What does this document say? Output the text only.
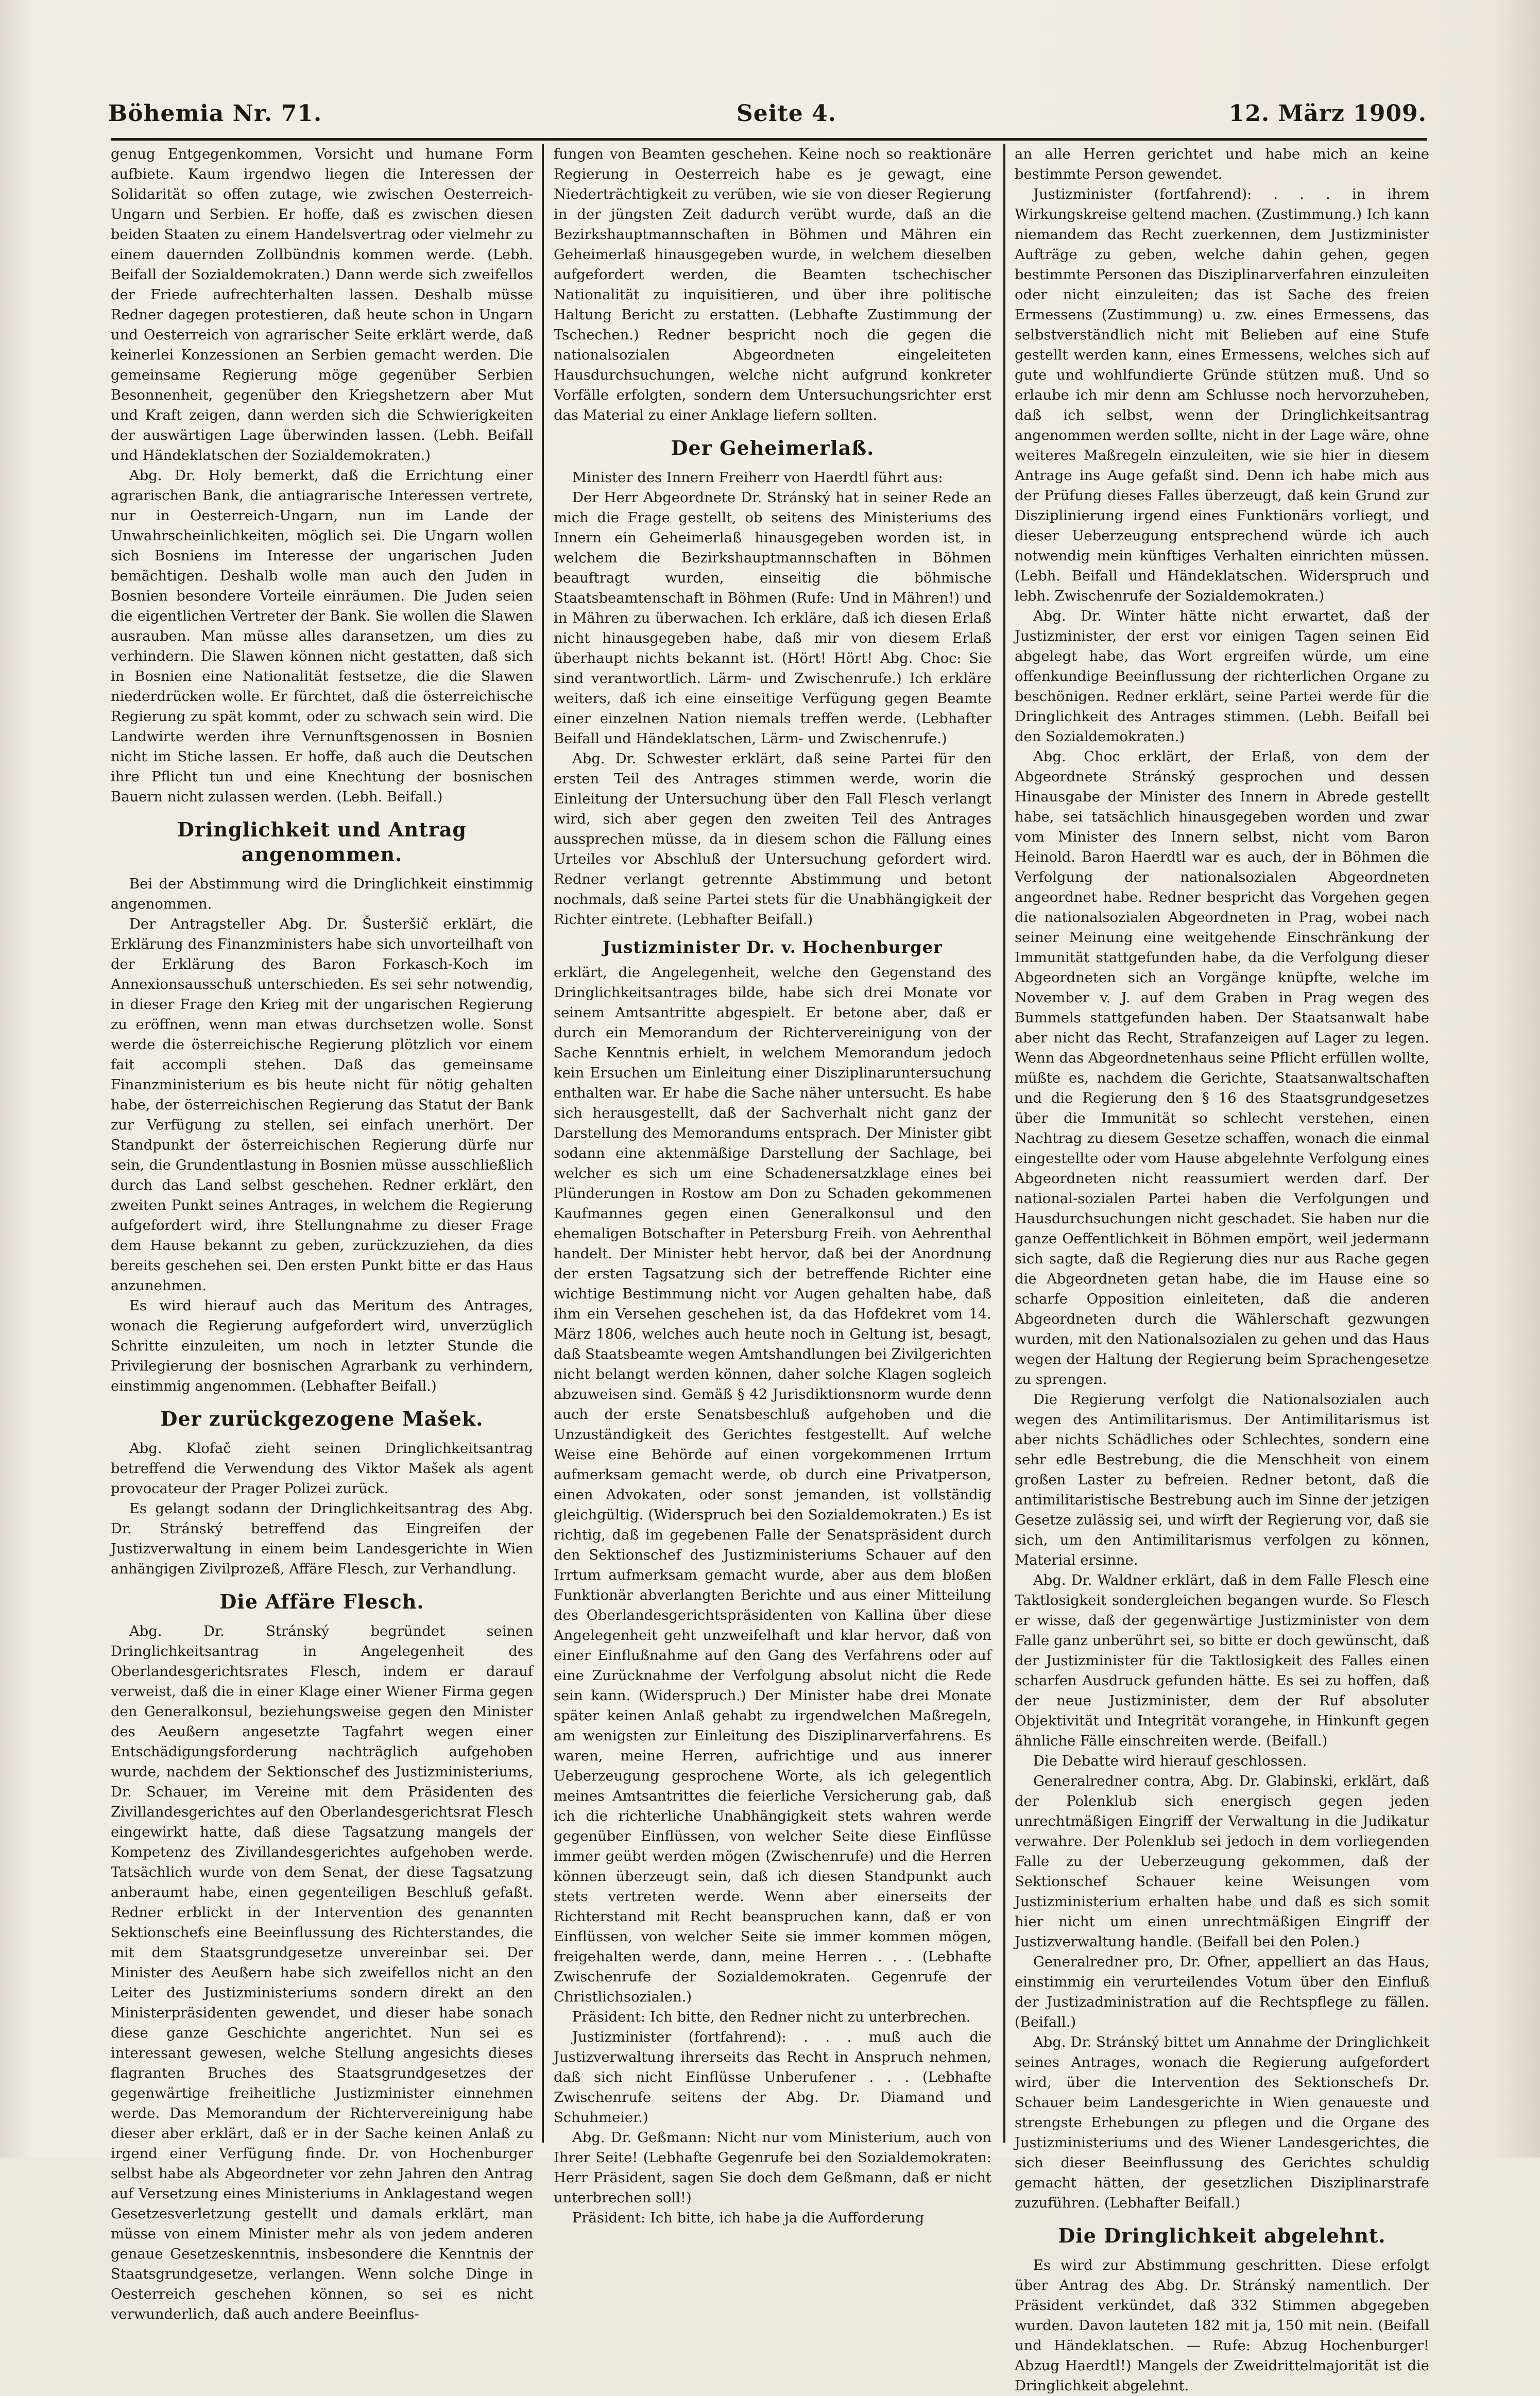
Böhemia Nr. 71.	Seite 4.	12. März 1909.

genug Entgegenkommen, Vorsicht und humane Form aufbiete. Kaum irgendwo liegen die Interessen der Solidarität so offen zutage, wie zwischen Oesterreich-Ungarn und Serbien. Er hoffe, daß es zwischen diesen beiden Staaten zu einem Handelsvertrag oder vielmehr zu einem dauernden Zollbündnis kommen werde. (Lebh. Beifall der Sozialdemokraten.) Dann werde sich zweifellos der Friede aufrechterhalten lassen. Deshalb müsse Redner dagegen protestieren, daß heute schon in Ungarn und Oesterreich von agrarischer Seite erklärt werde, daß keinerlei Konzessionen an Serbien gemacht werden. Die gemeinsame Regierung möge gegenüber Serbien Besonnenheit, gegenüber den Kriegshetzern aber Mut und Kraft zeigen, dann werden sich die Schwierigkeiten der auswärtigen Lage überwinden lassen. (Lebh. Beifall und Händeklatschen der Sozialdemokraten.)

Abg. Dr. Holy bemerkt, daß die Errichtung einer agrarischen Bank, die antiagrarische Interessen vertrete, nur in Oesterreich-Ungarn, nun im Lande der Unwahrscheinlichkeiten, möglich sei. Die Ungarn wollen sich Bosniens im Interesse der ungarischen Juden bemächtigen. Deshalb wolle man auch den Juden in Bosnien besondere Vorteile einräumen. Die Juden seien die eigentlichen Vertreter der Bank. Sie wollen die Slawen ausrauben. Man müsse alles daransetzen, um dies zu verhindern. Die Slawen können nicht gestatten, daß sich in Bosnien eine Nationalität festsetze, die die Slawen niederdrücken wolle. Er fürchtet, daß die österreichische Regierung zu spät kommt, oder zu schwach sein wird. Die Landwirte werden ihre Vernunftsgenossen in Bosnien nicht im Stiche lassen. Er hoffe, daß auch die Deutschen ihre Pflicht tun und eine Knechtung der bosnischen Bauern nicht zulassen werden. (Lebh. Beifall.)

Dringlichkeit und Antrag angenommen.

Bei der Abstimmung wird die Dringlichkeit einstimmig angenommen.

Der Antragsteller Abg. Dr. Šusteršič erklärt, die Erklärung des Finanzministers habe sich unvorteilhaft von der Erklärung des Baron Forkasch-Koch im Annexionsausschuß unterschieden. Es sei sehr notwendig, in dieser Frage den Krieg mit der ungarischen Regierung zu eröffnen, wenn man etwas durchsetzen wolle. Sonst werde die österreichische Regierung plötzlich vor einem fait accompli stehen. Daß das gemeinsame Finanzministerium es bis heute nicht für nötig gehalten habe, der österreichischen Regierung das Statut der Bank zur Verfügung zu stellen, sei einfach unerhört. Der Standpunkt der österreichischen Regierung dürfe nur sein, die Grundentlastung in Bosnien müsse ausschließlich durch das Land selbst geschehen. Redner erklärt, den zweiten Punkt seines Antrages, in welchem die Regierung aufgefordert wird, ihre Stellungnahme zu dieser Frage dem Hause bekannt zu geben, zurückzuziehen, da dies bereits geschehen sei. Den ersten Punkt bitte er das Haus anzunehmen.

Es wird hierauf auch das Meritum des Antrages, wonach die Regierung aufgefordert wird, unverzüglich Schritte einzuleiten, um noch in letzter Stunde die Privilegierung der bosnischen Agrarbank zu verhindern, einstimmig angenommen. (Lebhafter Beifall.)

Der zurückgezogene Mašek.

Abg. Klofač zieht seinen Dringlichkeitsantrag betreffend die Verwendung des Viktor Mašek als agent provocateur der Prager Polizei zurück.

Es gelangt sodann der Dringlichkeitsantrag des Abg. Dr. Stránský betreffend das Eingreifen der Justizverwaltung in einem beim Landesgerichte in Wien anhängigen Zivilprozeß, Affäre Flesch, zur Verhandlung.

Die Affäre Flesch.

Abg. Dr. Stránský begründet seinen Dringlichkeitsantrag in Angelegenheit des Oberlandesgerichtsrates Flesch, indem er darauf verweist, daß die in einer Klage einer Wiener Firma gegen den Generalkonsul, beziehungsweise gegen den Minister des Aeußern angesetzte Tagfahrt wegen einer Entschädigungsforderung nachträglich aufgehoben wurde, nachdem der Sektionschef des Justizministeriums, Dr. Schauer, im Vereine mit dem Präsidenten des Zivillandesgerichtes auf den Oberlandesgerichtsrat Flesch eingewirkt hatte, daß diese Tagsatzung mangels der Kompetenz des Zivillandesgerichtes aufgehoben werde. Tatsächlich wurde von dem Senat, der diese Tagsatzung anberaumt habe, einen gegenteiligen Beschluß gefaßt. Redner erblickt in der Intervention des genannten Sektionschefs eine Beeinflussung des Richterstandes, die mit dem Staatsgrundgesetze unvereinbar sei. Der Minister des Aeußern habe sich zweifellos nicht an den Leiter des Justizministeriums sondern direkt an den Ministerpräsidenten gewendet, und dieser habe sonach diese ganze Geschichte angerichtet. Nun sei es interessant gewesen, welche Stellung angesichts dieses flagranten Bruches des Staatsgrundgesetzes der gegenwärtige freiheitliche Justizminister einnehmen werde. Das Memorandum der Richtervereinigung habe dieser aber erklärt, daß er in der Sache keinen Anlaß zu irgend einer Verfügung finde. Dr. von Hochenburger selbst habe als Abgeordneter vor zehn Jahren den Antrag auf Versetzung eines Ministeriums in Anklagestand wegen Gesetzesverletzung gestellt und damals erklärt, man müsse von einem Minister mehr als von jedem anderen genaue Gesetzeskenntnis, insbesondere die Kenntnis der Staatsgrundgesetze, verlangen. Wenn solche Dinge in Oesterreich geschehen können, so sei es nicht verwunderlich, daß auch andere Beeinflus-

fungen von Beamten geschehen. Keine noch so reaktionäre Regierung in Oesterreich habe es je gewagt, eine Niederträchtigkeit zu verüben, wie sie von dieser Regierung in der jüngsten Zeit dadurch verübt wurde, daß an die Bezirkshauptmannschaften in Böhmen und Mähren ein Geheimerlaß hinausgegeben wurde, in welchem dieselben aufgefordert werden, die Beamten tschechischer Nationalität zu inquisitieren, und über ihre politische Haltung Bericht zu erstatten. (Lebhafte Zustimmung der Tschechen.) Redner bespricht noch die gegen die nationalsozialen Abgeordneten eingeleiteten Hausdurchsuchungen, welche nicht aufgrund konkreter Vorfälle erfolgten, sondern dem Untersuchungsrichter erst das Material zu einer Anklage liefern sollten.

Der Geheimerlaß.

Minister des Innern Freiherr von Haerdtl führt aus:

Der Herr Abgeordnete Dr. Stránský hat in seiner Rede an mich die Frage gestellt, ob seitens des Ministeriums des Innern ein Geheimerlaß hinausgegeben worden ist, in welchem die Bezirkshauptmannschaften in Böhmen beauftragt wurden, einseitig die böhmische Staatsbeamtenschaft in Böhmen (Rufe: Und in Mähren!) und in Mähren zu überwachen. Ich erkläre, daß ich diesen Erlaß nicht hinausgegeben habe, daß mir von diesem Erlaß überhaupt nichts bekannt ist. (Hört! Hört! Abg. Choc: Sie sind verantwortlich. Lärm- und Zwischenrufe.) Ich erkläre weiters, daß ich eine einseitige Verfügung gegen Beamte einer einzelnen Nation niemals treffen werde. (Lebhafter Beifall und Händeklatschen, Lärm- und Zwischenrufe.)

Abg. Dr. Schwester erklärt, daß seine Partei für den ersten Teil des Antrages stimmen werde, worin die Einleitung der Untersuchung über den Fall Flesch verlangt wird, sich aber gegen den zweiten Teil des Antrages aussprechen müsse, da in diesem schon die Fällung eines Urteiles vor Abschluß der Untersuchung gefordert wird. Redner verlangt getrennte Abstimmung und betont nochmals, daß seine Partei stets für die Unabhängigkeit der Richter eintrete. (Lebhafter Beifall.)

Justizminister Dr. v. Hochenburger

erklärt, die Angelegenheit, welche den Gegenstand des Dringlichkeitsantrages bilde, habe sich drei Monate vor seinem Amtsantritte abgespielt. Er betone aber, daß er durch ein Memorandum der Richtervereinigung von der Sache Kenntnis erhielt, in welchem Memorandum jedoch kein Ersuchen um Einleitung einer Disziplinaruntersuchung enthalten war. Er habe die Sache näher untersucht. Es habe sich herausgestellt, daß der Sachverhalt nicht ganz der Darstellung des Memorandums entsprach. Der Minister gibt sodann eine aktenmäßige Darstellung der Sachlage, bei welcher es sich um eine Schadenersatzklage eines bei Plünderungen in Rostow am Don zu Schaden gekommenen Kaufmannes gegen einen Generalkonsul und den ehemaligen Botschafter in Petersburg Freih. von Aehrenthal handelt. Der Minister hebt hervor, daß bei der Anordnung der ersten Tagsatzung sich der betreffende Richter eine wichtige Bestimmung nicht vor Augen gehalten habe, daß ihm ein Versehen geschehen ist, da das Hofdekret vom 14. März 1806, welches auch heute noch in Geltung ist, besagt, daß Staatsbeamte wegen Amtshandlungen bei Zivilgerichten nicht belangt werden können, daher solche Klagen sogleich abzuweisen sind. Gemäß § 42 Jurisdiktionsnorm wurde denn auch der erste Senatsbeschluß aufgehoben und die Unzuständigkeit des Gerichtes festgestellt. Auf welche Weise eine Behörde auf einen vorgekommenen Irrtum aufmerksam gemacht werde, ob durch eine Privatperson, einen Advokaten, oder sonst jemanden, ist vollständig gleichgültig. (Widerspruch bei den Sozialdemokraten.) Es ist richtig, daß im gegebenen Falle der Senatspräsident durch den Sektionschef des Justizministeriums Schauer auf den Irrtum aufmerksam gemacht wurde, aber aus dem bloßen Funktionär abverlangten Berichte und aus einer Mitteilung des Oberlandesgerichtspräsidenten von Kallina über diese Angelegenheit geht unzweifelhaft und klar hervor, daß von einer Einflußnahme auf den Gang des Verfahrens oder auf eine Zurücknahme der Verfolgung absolut nicht die Rede sein kann. (Widerspruch.) Der Minister habe drei Monate später keinen Anlaß gehabt zu irgendwelchen Maßregeln, am wenigsten zur Einleitung des Disziplinarverfahrens. Es waren, meine Herren, aufrichtige und aus innerer Ueberzeugung gesprochene Worte, als ich gelegentlich meines Amtsantrittes die feierliche Versicherung gab, daß ich die richterliche Unabhängigkeit stets wahren werde gegenüber Einflüssen, von welcher Seite diese Einflüsse immer geübt werden mögen (Zwischenrufe) und die Herren können überzeugt sein, daß ich diesen Standpunkt auch stets vertreten werde. Wenn aber einerseits der Richterstand mit Recht beanspruchen kann, daß er von Einflüssen, von welcher Seite sie immer kommen mögen, freigehalten werde, dann, meine Herren . . . (Lebhafte Zwischenrufe der Sozialdemokraten. Gegenrufe der Christlichsozialen.)

Präsident: Ich bitte, den Redner nicht zu unterbrechen.

Justizminister (fortfahrend): . . . muß auch die Justizverwaltung ihrerseits das Recht in Anspruch nehmen, daß sich nicht Einflüsse Unberufener . . . (Lebhafte Zwischenrufe seitens der Abg. Dr. Diamand und Schuhmeier.)

Abg. Dr. Geßmann: Nicht nur vom Ministerium, auch von Ihrer Seite! (Lebhafte Gegenrufe bei den Sozialdemokraten: Herr Präsident, sagen Sie doch dem Geßmann, daß er nicht unterbrechen soll!)

Präsident: Ich bitte, ich habe ja die Aufforderung

an alle Herren gerichtet und habe mich an keine bestimmte Person gewendet.

Justizminister (fortfahrend): . . . in ihrem Wirkungskreise geltend machen. (Zustimmung.) Ich kann niemandem das Recht zuerkennen, dem Justizminister Aufträge zu geben, welche dahin gehen, gegen bestimmte Personen das Disziplinarverfahren einzuleiten oder nicht einzuleiten; das ist Sache des freien Ermessens (Zustimmung) u. zw. eines Ermessens, das selbstverständlich nicht mit Belieben auf eine Stufe gestellt werden kann, eines Ermessens, welches sich auf gute und wohlfundierte Gründe stützen muß. Und so erlaube ich mir denn am Schlusse noch hervorzuheben, daß ich selbst, wenn der Dringlichkeitsantrag angenommen werden sollte, nicht in der Lage wäre, ohne weiteres Maßregeln einzuleiten, wie sie hier in diesem Antrage ins Auge gefaßt sind. Denn ich habe mich aus der Prüfung dieses Falles überzeugt, daß kein Grund zur Disziplinierung irgend eines Funktionärs vorliegt, und dieser Ueberzeugung entsprechend würde ich auch notwendig mein künftiges Verhalten einrichten müssen. (Lebh. Beifall und Händeklatschen. Widerspruch und lebh. Zwischenrufe der Sozialdemokraten.)

Abg. Dr. Winter hätte nicht erwartet, daß der Justizminister, der erst vor einigen Tagen seinen Eid abgelegt habe, das Wort ergreifen würde, um eine offenkundige Beeinflussung der richterlichen Organe zu beschönigen. Redner erklärt, seine Partei werde für die Dringlichkeit des Antrages stimmen. (Lebh. Beifall bei den Sozialdemokraten.)

Abg. Choc erklärt, der Erlaß, von dem der Abgeordnete Stránský gesprochen und dessen Hinausgabe der Minister des Innern in Abrede gestellt habe, sei tatsächlich hinausgegeben worden und zwar vom Minister des Innern selbst, nicht vom Baron Heinold. Baron Haerdtl war es auch, der in Böhmen die Verfolgung der nationalsozialen Abgeordneten angeordnet habe. Redner bespricht das Vorgehen gegen die nationalsozialen Abgeordneten in Prag, wobei nach seiner Meinung eine weitgehende Einschränkung der Immunität stattgefunden habe, da die Verfolgung dieser Abgeordneten sich an Vorgänge knüpfte, welche im November v. J. auf dem Graben in Prag wegen des Bummels stattgefunden haben. Der Staatsanwalt habe aber nicht das Recht, Strafanzeigen auf Lager zu legen. Wenn das Abgeordnetenhaus seine Pflicht erfüllen wollte, müßte es, nachdem die Gerichte, Staatsanwaltschaften und die Regierung den § 16 des Staatsgrundgesetzes über die Immunität so schlecht verstehen, einen Nachtrag zu diesem Gesetze schaffen, wonach die einmal eingestellte oder vom Hause abgelehnte Verfolgung eines Abgeordneten nicht reassumiert werden darf. Der national-sozialen Partei haben die Verfolgungen und Hausdurchsuchungen nicht geschadet. Sie haben nur die ganze Oeffentlichkeit in Böhmen empört, weil jedermann sich sagte, daß die Regierung dies nur aus Rache gegen die Abgeordneten getan habe, die im Hause eine so scharfe Opposition einleiteten, daß die anderen Abgeordneten durch die Wählerschaft gezwungen wurden, mit den Nationalsozialen zu gehen und das Haus wegen der Haltung der Regierung beim Sprachengesetze zu sprengen.

Die Regierung verfolgt die Nationalsozialen auch wegen des Antimilitarismus. Der Antimilitarismus ist aber nichts Schädliches oder Schlechtes, sondern eine sehr edle Bestrebung, die die Menschheit von einem großen Laster zu befreien. Redner betont, daß die antimilitaristische Bestrebung auch im Sinne der jetzigen Gesetze zulässig sei, und wirft der Regierung vor, daß sie sich, um den Antimilitarismus verfolgen zu können, Material ersinne.

Abg. Dr. Waldner erklärt, daß in dem Falle Flesch eine Taktlosigkeit sondergleichen begangen wurde. So Flesch er wisse, daß der gegenwärtige Justizminister von dem Falle ganz unberührt sei, so bitte er doch gewünscht, daß der Justizminister für die Taktlosigkeit des Falles einen scharfen Ausdruck gefunden hätte. Es sei zu hoffen, daß der neue Justizminister, dem der Ruf absoluter Objektivität und Integrität vorangehe, in Hinkunft gegen ähnliche Fälle einschreiten werde. (Beifall.)

Die Debatte wird hierauf geschlossen.

Generalredner contra, Abg. Dr. Glabinski, erklärt, daß der Polenklub sich energisch gegen jeden unrechtmäßigen Eingriff der Verwaltung in die Judikatur verwahre. Der Polenklub sei jedoch in dem vorliegenden Falle zu der Ueberzeugung gekommen, daß der Sektionschef Schauer keine Weisungen vom Justizministerium erhalten habe und daß es sich somit hier nicht um einen unrechtmäßigen Eingriff der Justizverwaltung handle. (Beifall bei den Polen.)

Generalredner pro, Dr. Ofner, appelliert an das Haus, einstimmig ein verurteilendes Votum über den Einfluß der Justizadministration auf die Rechtspflege zu fällen. (Beifall.)

Abg. Dr. Stránský bittet um Annahme der Dringlichkeit seines Antrages, wonach die Regierung aufgefordert wird, über die Intervention des Sektionschefs Dr. Schauer beim Landesgerichte in Wien genaueste und strengste Erhebungen zu pflegen und die Organe des Justizministeriums und des Wiener Landesgerichtes, die sich dieser Beeinflussung des Gerichtes schuldig gemacht hätten, der gesetzlichen Disziplinarstrafe zuzuführen. (Lebhafter Beifall.)

Die Dringlichkeit abgelehnt.

Es wird zur Abstimmung geschritten. Diese erfolgt über Antrag des Abg. Dr. Stránský namentlich. Der Präsident verkündet, daß 332 Stimmen abgegeben wurden. Davon lauteten 182 mit ja, 150 mit nein. (Beifall und Händeklatschen. — Rufe: Abzug Hochenburger! Abzug Haerdtl!) Mangels der Zweidrittelmajorität ist die Dringlichkeit abgelehnt.
